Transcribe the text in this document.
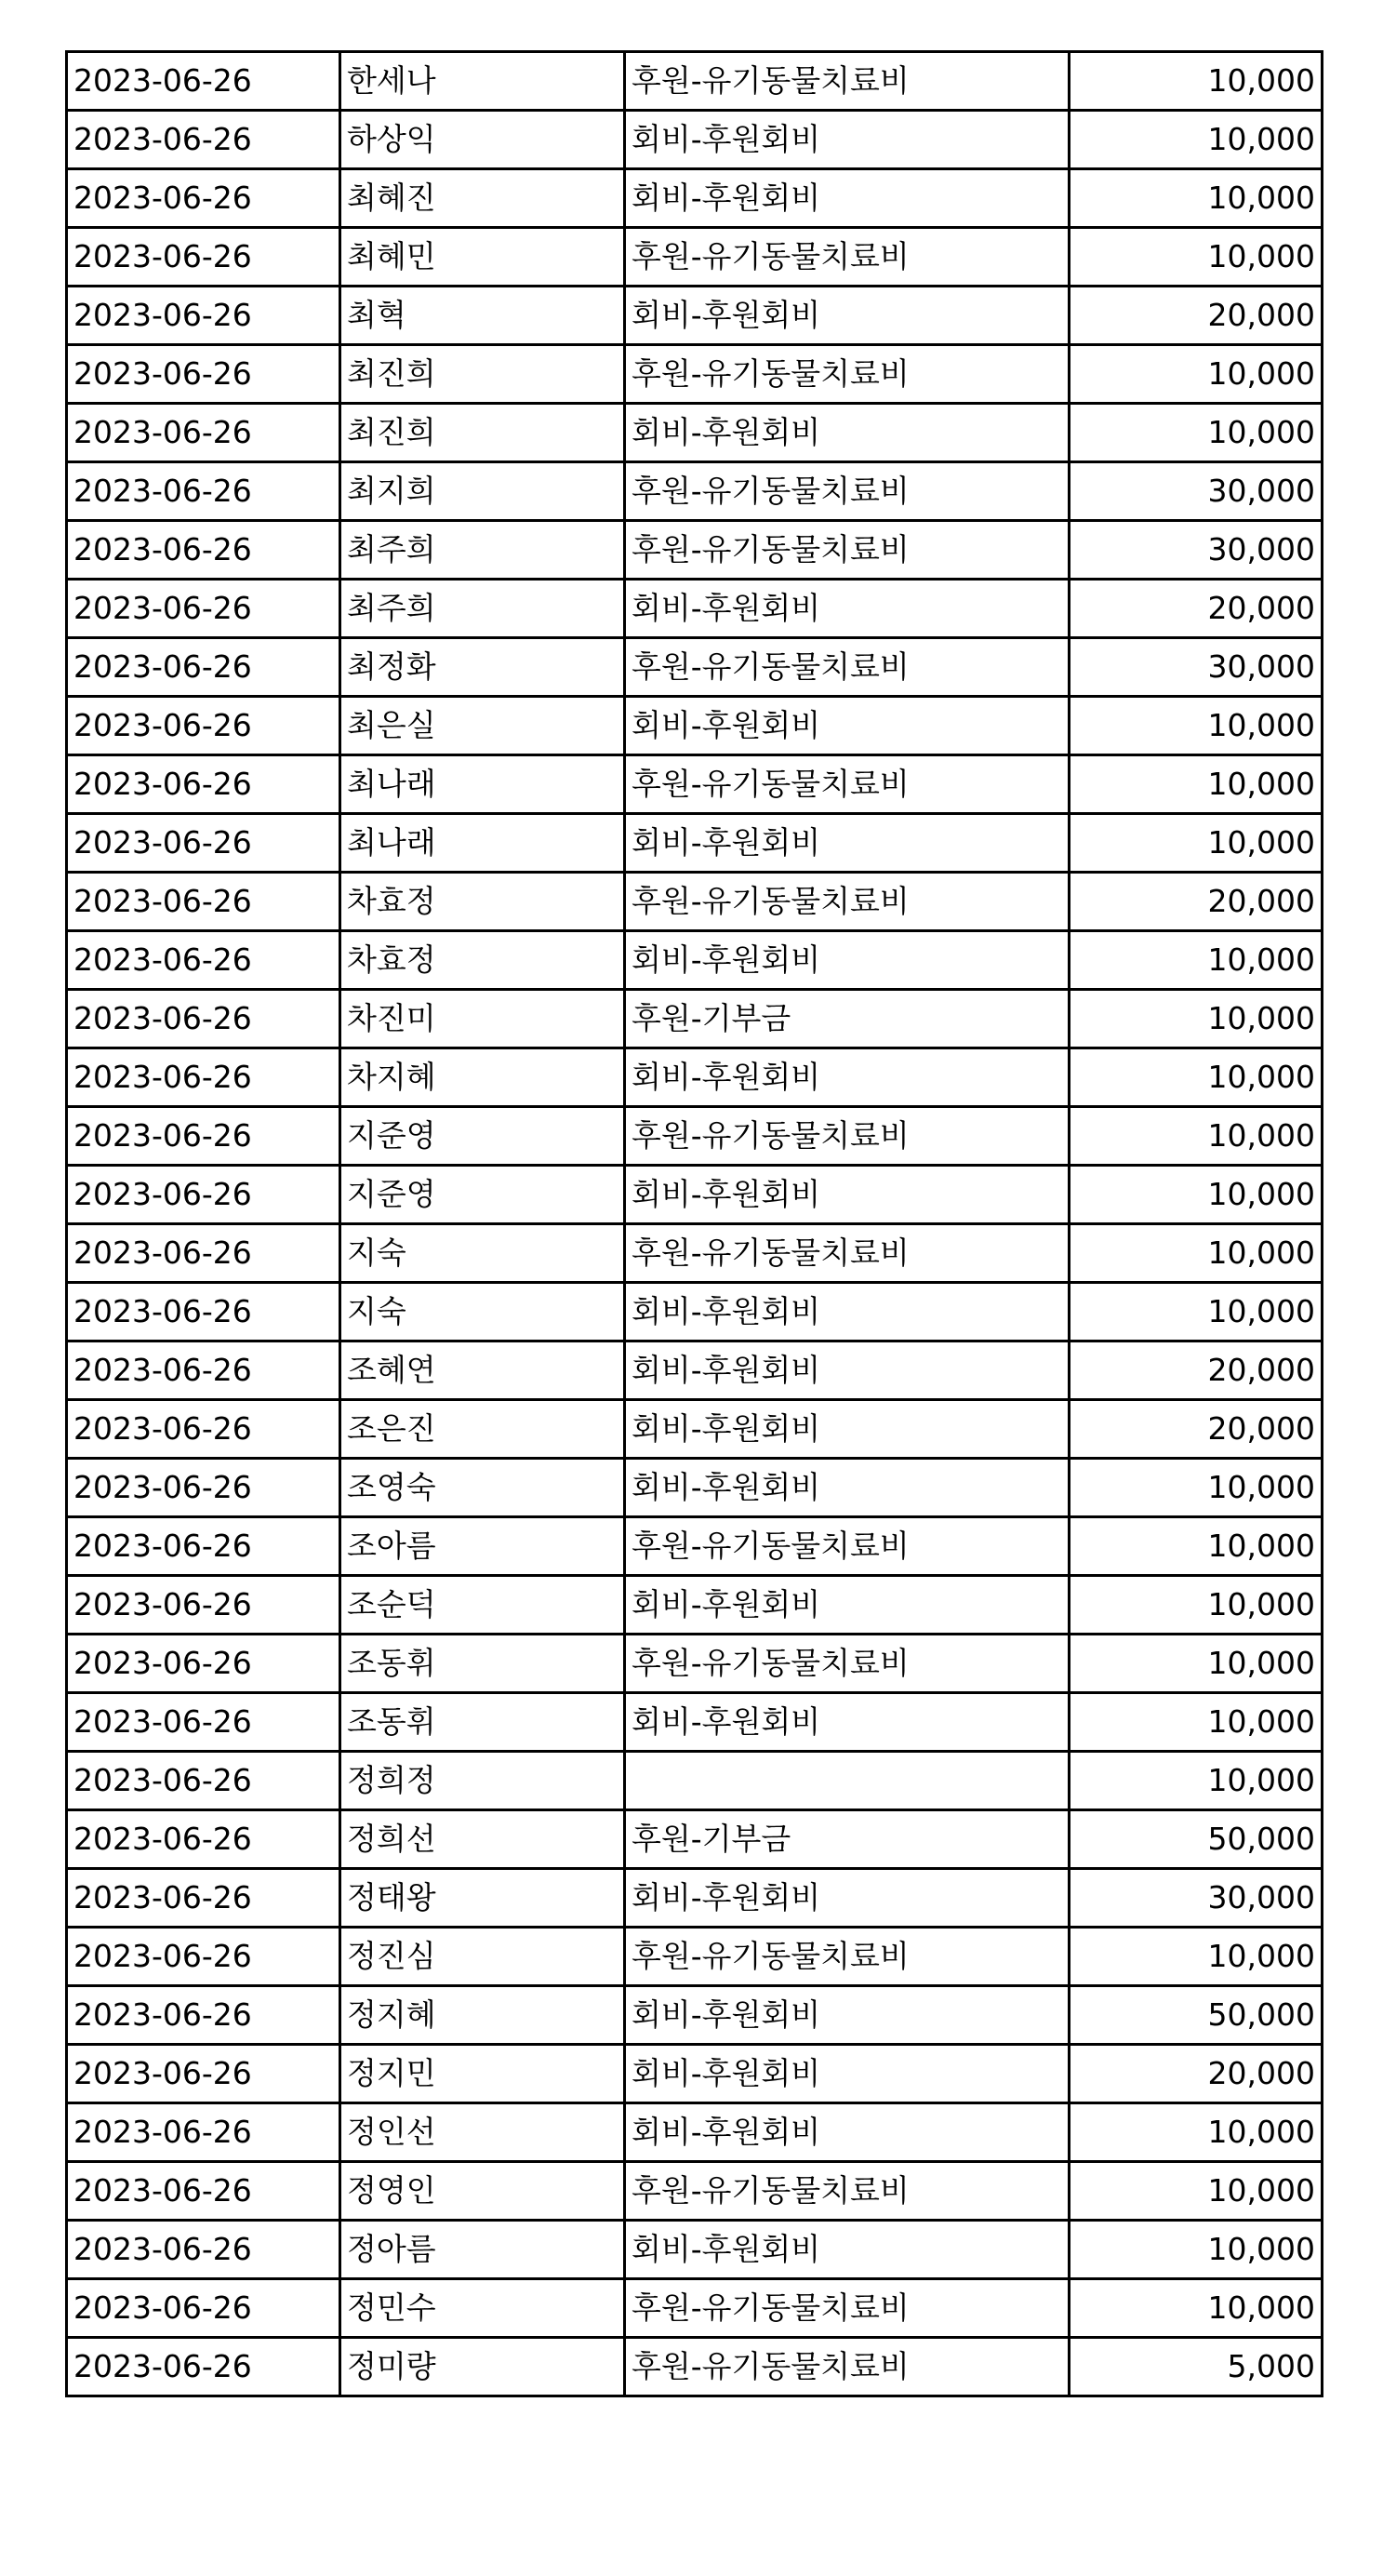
2023-06-26	한세나	후원-유기동물치료비	10,000
2023-06-26	하상익	회비-후원회비	10,000
2023-06-26	최혜진	회비-후원회비	10,000
2023-06-26	최혜민	후원-유기동물치료비	10,000
2023-06-26	최혁	회비-후원회비	20,000
2023-06-26	최진희	후원-유기동물치료비	10,000
2023-06-26	최진희	회비-후원회비	10,000
2023-06-26	최지희	후원-유기동물치료비	30,000
2023-06-26	최주희	후원-유기동물치료비	30,000
2023-06-26	최주희	회비-후원회비	20,000
2023-06-26	최정화	후원-유기동물치료비	30,000
2023-06-26	최은실	회비-후원회비	10,000
2023-06-26	최나래	후원-유기동물치료비	10,000
2023-06-26	최나래	회비-후원회비	10,000
2023-06-26	차효정	후원-유기동물치료비	20,000
2023-06-26	차효정	회비-후원회비	10,000
2023-06-26	차진미	후원-기부금	10,000
2023-06-26	차지혜	회비-후원회비	10,000
2023-06-26	지준영	후원-유기동물치료비	10,000
2023-06-26	지준영	회비-후원회비	10,000
2023-06-26	지숙	후원-유기동물치료비	10,000
2023-06-26	지숙	회비-후원회비	10,000
2023-06-26	조혜연	회비-후원회비	20,000
2023-06-26	조은진	회비-후원회비	20,000
2023-06-26	조영숙	회비-후원회비	10,000
2023-06-26	조아름	후원-유기동물치료비	10,000
2023-06-26	조순덕	회비-후원회비	10,000
2023-06-26	조동휘	후원-유기동물치료비	10,000
2023-06-26	조동휘	회비-후원회비	10,000
2023-06-26	정희정		10,000
2023-06-26	정희선	후원-기부금	50,000
2023-06-26	정태왕	회비-후원회비	30,000
2023-06-26	정진심	후원-유기동물치료비	10,000
2023-06-26	정지혜	회비-후원회비	50,000
2023-06-26	정지민	회비-후원회비	20,000
2023-06-26	정인선	회비-후원회비	10,000
2023-06-26	정영인	후원-유기동물치료비	10,000
2023-06-26	정아름	회비-후원회비	10,000
2023-06-26	정민수	후원-유기동물치료비	10,000
2023-06-26	정미량	후원-유기동물치료비	5,000
